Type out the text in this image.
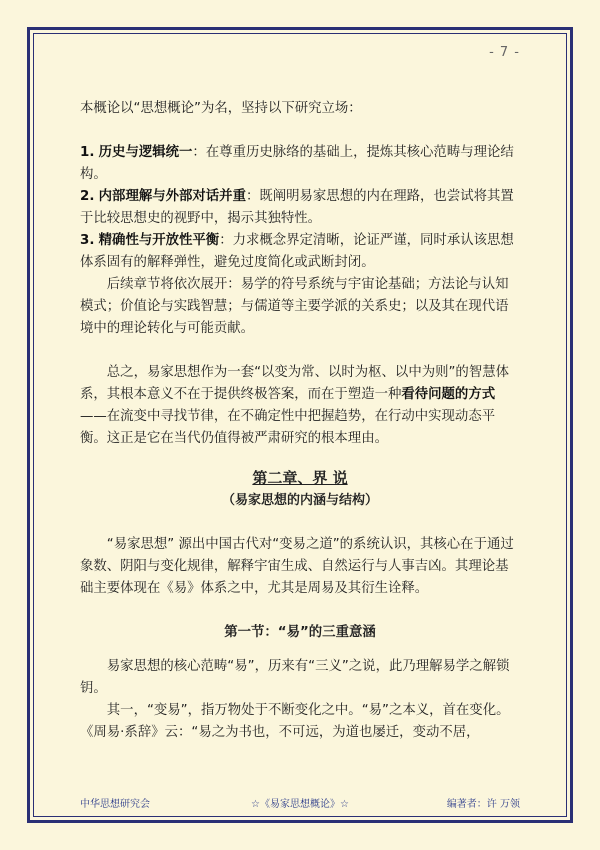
- 7 -

本概论以“思想概论”为名，坚持以下研究立场：

1. 历史与逻辑统一：在尊重历史脉络的基础上，提炼其核心范畴与理论结构。

2. 内部理解与外部对话并重：既阐明易家思想的内在理路，也尝试将其置于比较思想史的视野中，揭示其独特性。

3. 精确性与开放性平衡：力求概念界定清晰，论证严谨，同时承认该思想体系固有的解释弹性，避免过度简化或武断封闭。

后续章节将依次展开：易学的符号系统与宇宙论基础；方法论与认知模式；价值论与实践智慧；与儒道等主要学派的关系史；以及其在现代语境中的理论转化与可能贡献。

总之，易家思想作为一套“以变为常、以时为枢、以中为则”的智慧体系，其根本意义不在于提供终极答案，而在于塑造一种看待问题的方式——在流变中寻找节律，在不确定性中把握趋势，在行动中实现动态平衡。这正是它在当代仍值得被严肃研究的根本理由。

第二章、界 说
（易家思想的内涵与结构）

“易家思想” 源出中国古代对“变易之道”的系统认识，其核心在于通过象数、阴阳与变化规律，解释宇宙生成、自然运行与人事吉凶。其理论基础主要体现在《易》体系之中，尤其是周易及其衍生诠释。

第一节：“易”的三重意涵

易家思想的核心范畴“易”，历来有“三义”之说，此乃理解易学之解锁钥。

其一，“变易”，指万物处于不断变化之中。“易”之本义，首在变化。《周易·系辞》云：“易之为书也，不可远，为道也屡迁，变动不居，

中华思想研究会	☆《易家思想概论》☆	编著者：许 万领
